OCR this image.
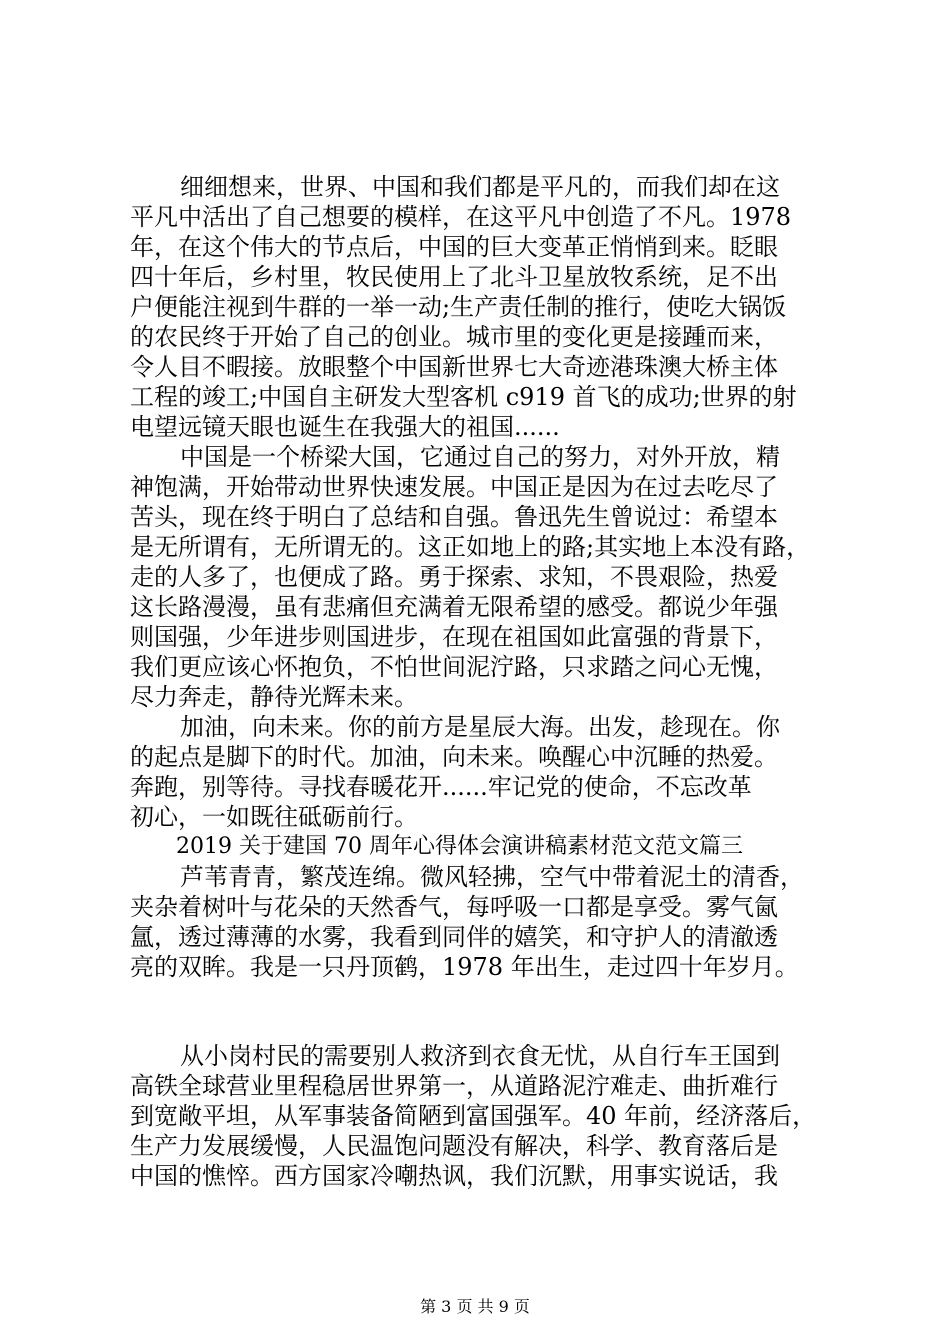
细细想来，世界、中国和我们都是平凡的，而我们却在这
平凡中活出了自己想要的模样，在这平凡中创造了不凡。1978
年，在这个伟大的节点后，中国的巨大变革正悄悄到来。眨眼
四十年后，乡村里，牧民使用上了北斗卫星放牧系统，足不出
户便能注视到牛群的一举一动;生产责任制的推行，使吃大锅饭
的农民终于开始了自己的创业。城市里的变化更是接踵而来，
令人目不暇接。放眼整个中国新世界七大奇迹港珠澳大桥主体
工程的竣工;中国自主研发大型客机 c919 首飞的成功;世界的射
电望远镜天眼也诞生在我强大的祖国......
中国是一个桥梁大国，它通过自己的努力，对外开放，精
神饱满，开始带动世界快速发展。中国正是因为在过去吃尽了
苦头，现在终于明白了总结和自强。鲁迅先生曾说过：希望本
是无所谓有，无所谓无的。这正如地上的路;其实地上本没有路，
走的人多了，也便成了路。勇于探索、求知，不畏艰险，热爱
这长路漫漫，虽有悲痛但充满着无限希望的感受。都说少年强
则国强，少年进步则国进步，在现在祖国如此富强的背景下，
我们更应该心怀抱负，不怕世间泥泞路，只求踏之问心无愧，
尽力奔走，静待光辉未来。
加油，向未来。你的前方是星辰大海。出发，趁现在。你
的起点是脚下的时代。加油，向未来。唤醒心中沉睡的热爱。
奔跑，别等待。寻找春暖花开......牢记党的使命，不忘改革
初心，一如既往砥砺前行。
2019 关于建国 70 周年心得体会演讲稿素材范文范文篇三
芦苇青青，繁茂连绵。微风轻拂，空气中带着泥土的清香，
夹杂着树叶与花朵的天然香气，每呼吸一口都是享受。雾气氤
氲，透过薄薄的水雾，我看到同伴的嬉笑，和守护人的清澈透
亮的双眸。我是一只丹顶鹤，1978 年出生，走过四十年岁月。
从小岗村民的需要别人救济到衣食无忧，从自行车王国到
高铁全球营业里程稳居世界第一，从道路泥泞难走、曲折难行
到宽敞平坦，从军事装备简陋到富国强军。40 年前，经济落后，
生产力发展缓慢，人民温饱问题没有解决，科学、教育落后是
中国的憔悴。西方国家冷嘲热讽，我们沉默，用事实说话，我
第 3 页 共 9 页
